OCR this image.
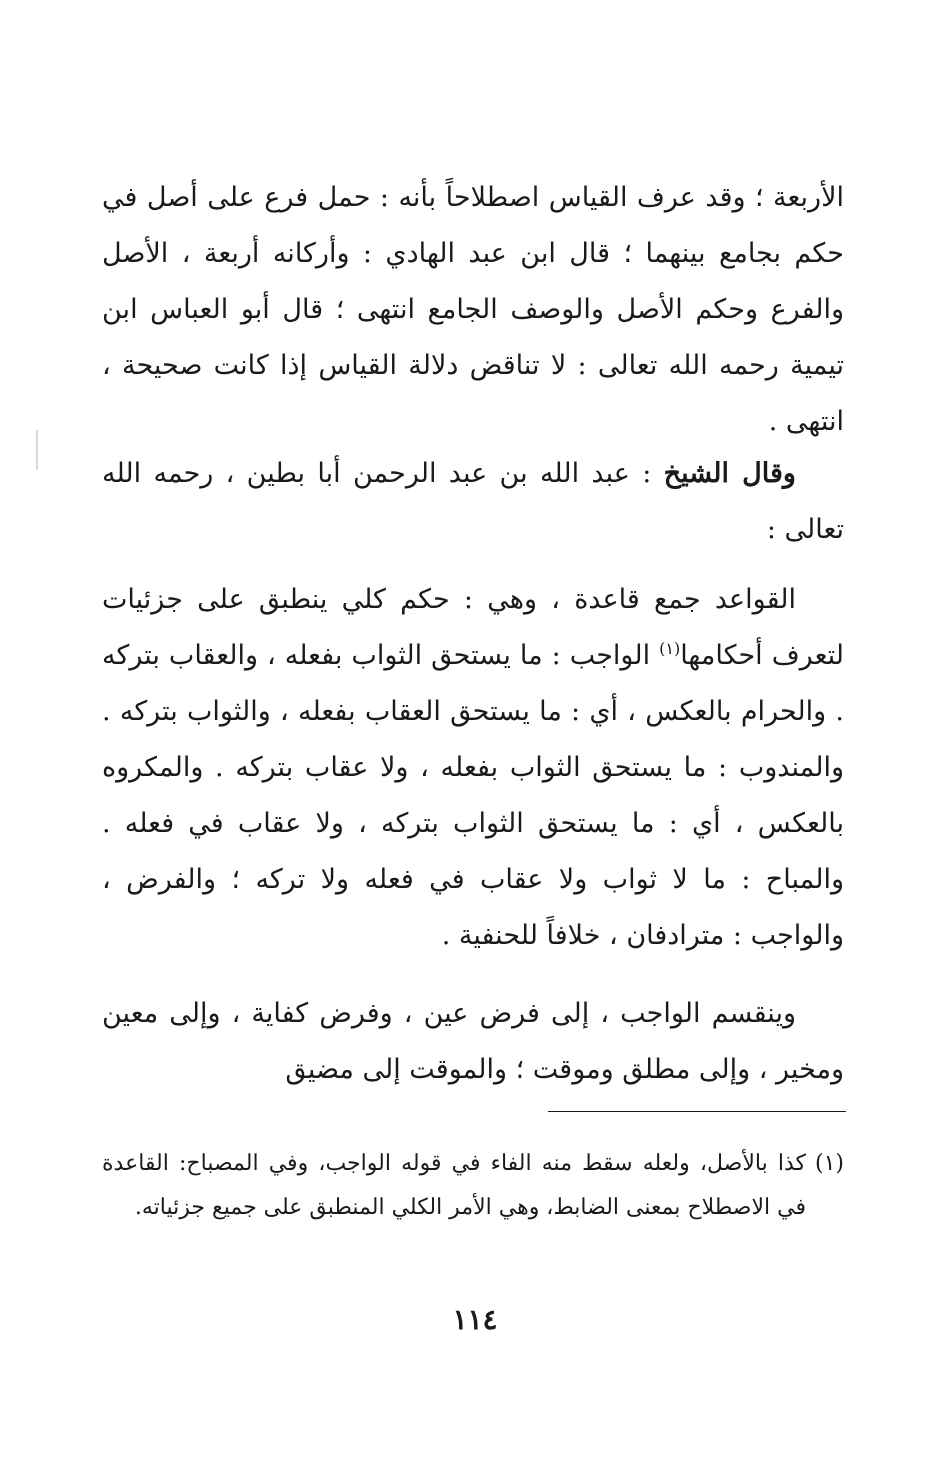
الأربعة ؛ وقد عرف القياس اصطلاحاً بأنه : حمل فرع على أصل في حكم بجامع بينهما ؛ قال ابن عبد الهادي : وأركانه أربعة ، الأصل والفرع وحكم الأصل والوصف الجامع انتهى ؛ قال أبو العباس ابن تيمية رحمه الله تعالى : لا تناقض دلالة القياس إذا كانت صحيحة ، انتهى .

وقال الشيخ : عبد الله بن عبد الرحمن أبا بطين ، رحمه الله تعالى :

القواعد جمع قاعدة ، وهي : حكم كلي ينطبق على جزئيات لتعرف أحكامها$^{(١)}$ الواجب : ما يستحق الثواب بفعله ، والعقاب بتركه . والحرام بالعكس ، أي : ما يستحق العقاب بفعله ، والثواب بتركه . والمندوب : ما يستحق الثواب بفعله ، ولا عقاب بتركه . والمكروه بالعكس ، أي : ما يستحق الثواب بتركه ، ولا عقاب في فعله . والمباح : ما لا ثواب ولا عقاب في فعله ولا تركه ؛ والفرض ، والواجب : مترادفان ، خلافاً للحنفية .

وينقسم الواجب ، إلى فرض عين ، وفرض كفاية ، وإلى معين ومخير ، وإلى مطلق وموقت ؛ والموقت إلى مضيق

(١)
كذا بالأصل، ولعله سقط منه الفاء في قوله الواجب، وفي المصباح: القاعدة في الاصطلاح بمعنى الضابط، وهي الأمر الكلي المنطبق على جميع جزئياته.
١١٤
